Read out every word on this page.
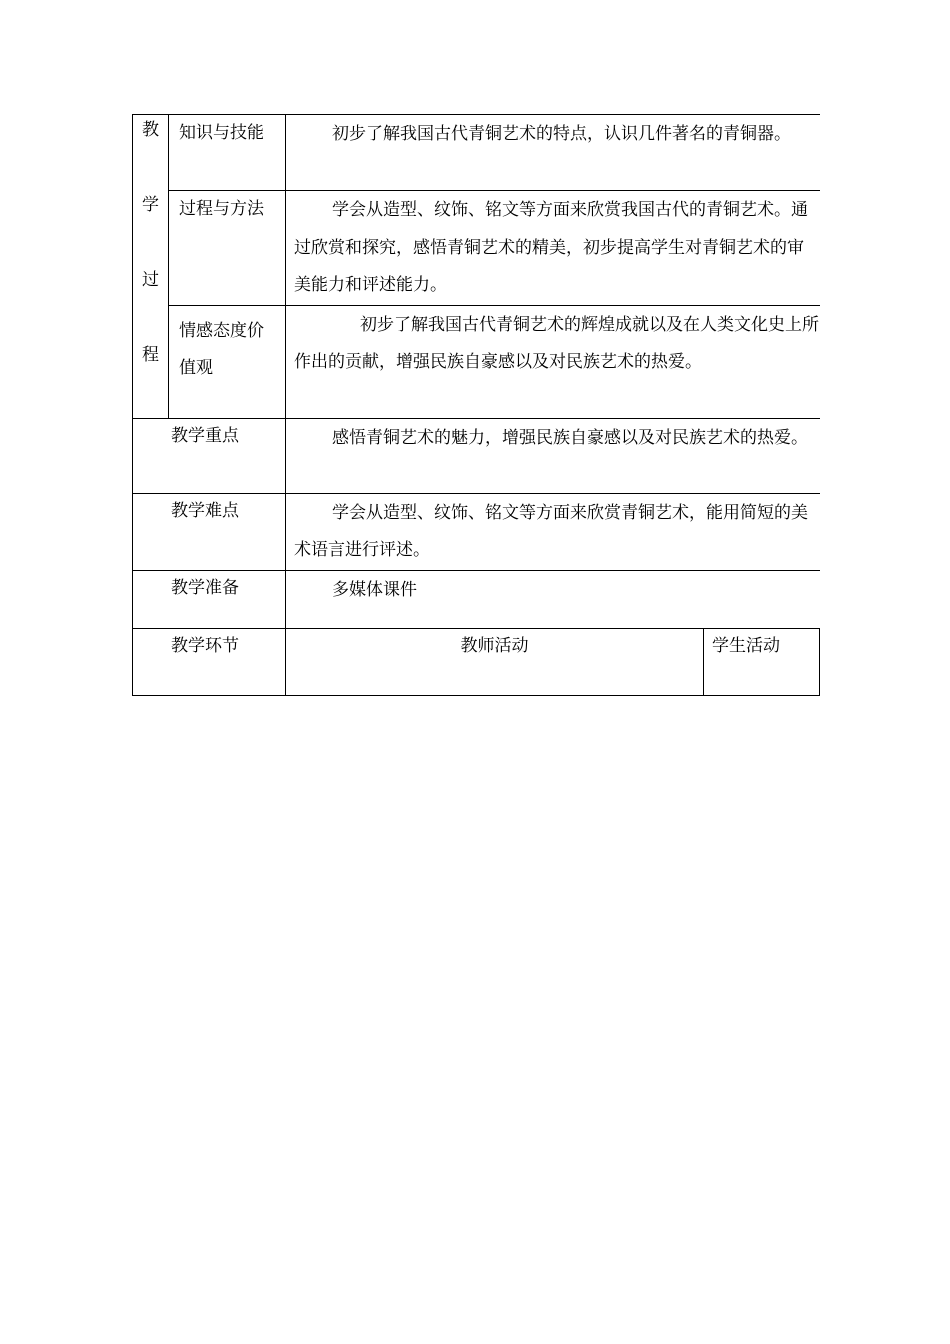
教
学
过
程	知识与技能	初步了解我国古代青铜艺术的特点，认识几件著名的青铜器。	
	过程与方法	学会从造型、纹饰、铭文等方面来欣赏我国古代的青铜艺术。通过欣赏和探究，感悟青铜艺术的精美，初步提高学生对青铜艺术的审美能力和评述能力。	
	情感态度价值观	初步了解我国古代青铜艺术的辉煌成就以及在人类文化史上所作出的贡献，增强民族自豪感以及对民族艺术的热爱。	
教学重点		感悟青铜艺术的魅力，增强民族自豪感以及对民族艺术的热爱。	
教学难点		学会从造型、纹饰、铭文等方面来欣赏青铜艺术，能用简短的美术语言进行评述。	
教学准备		多媒体课件	
教学环节		教师活动	学生活动
